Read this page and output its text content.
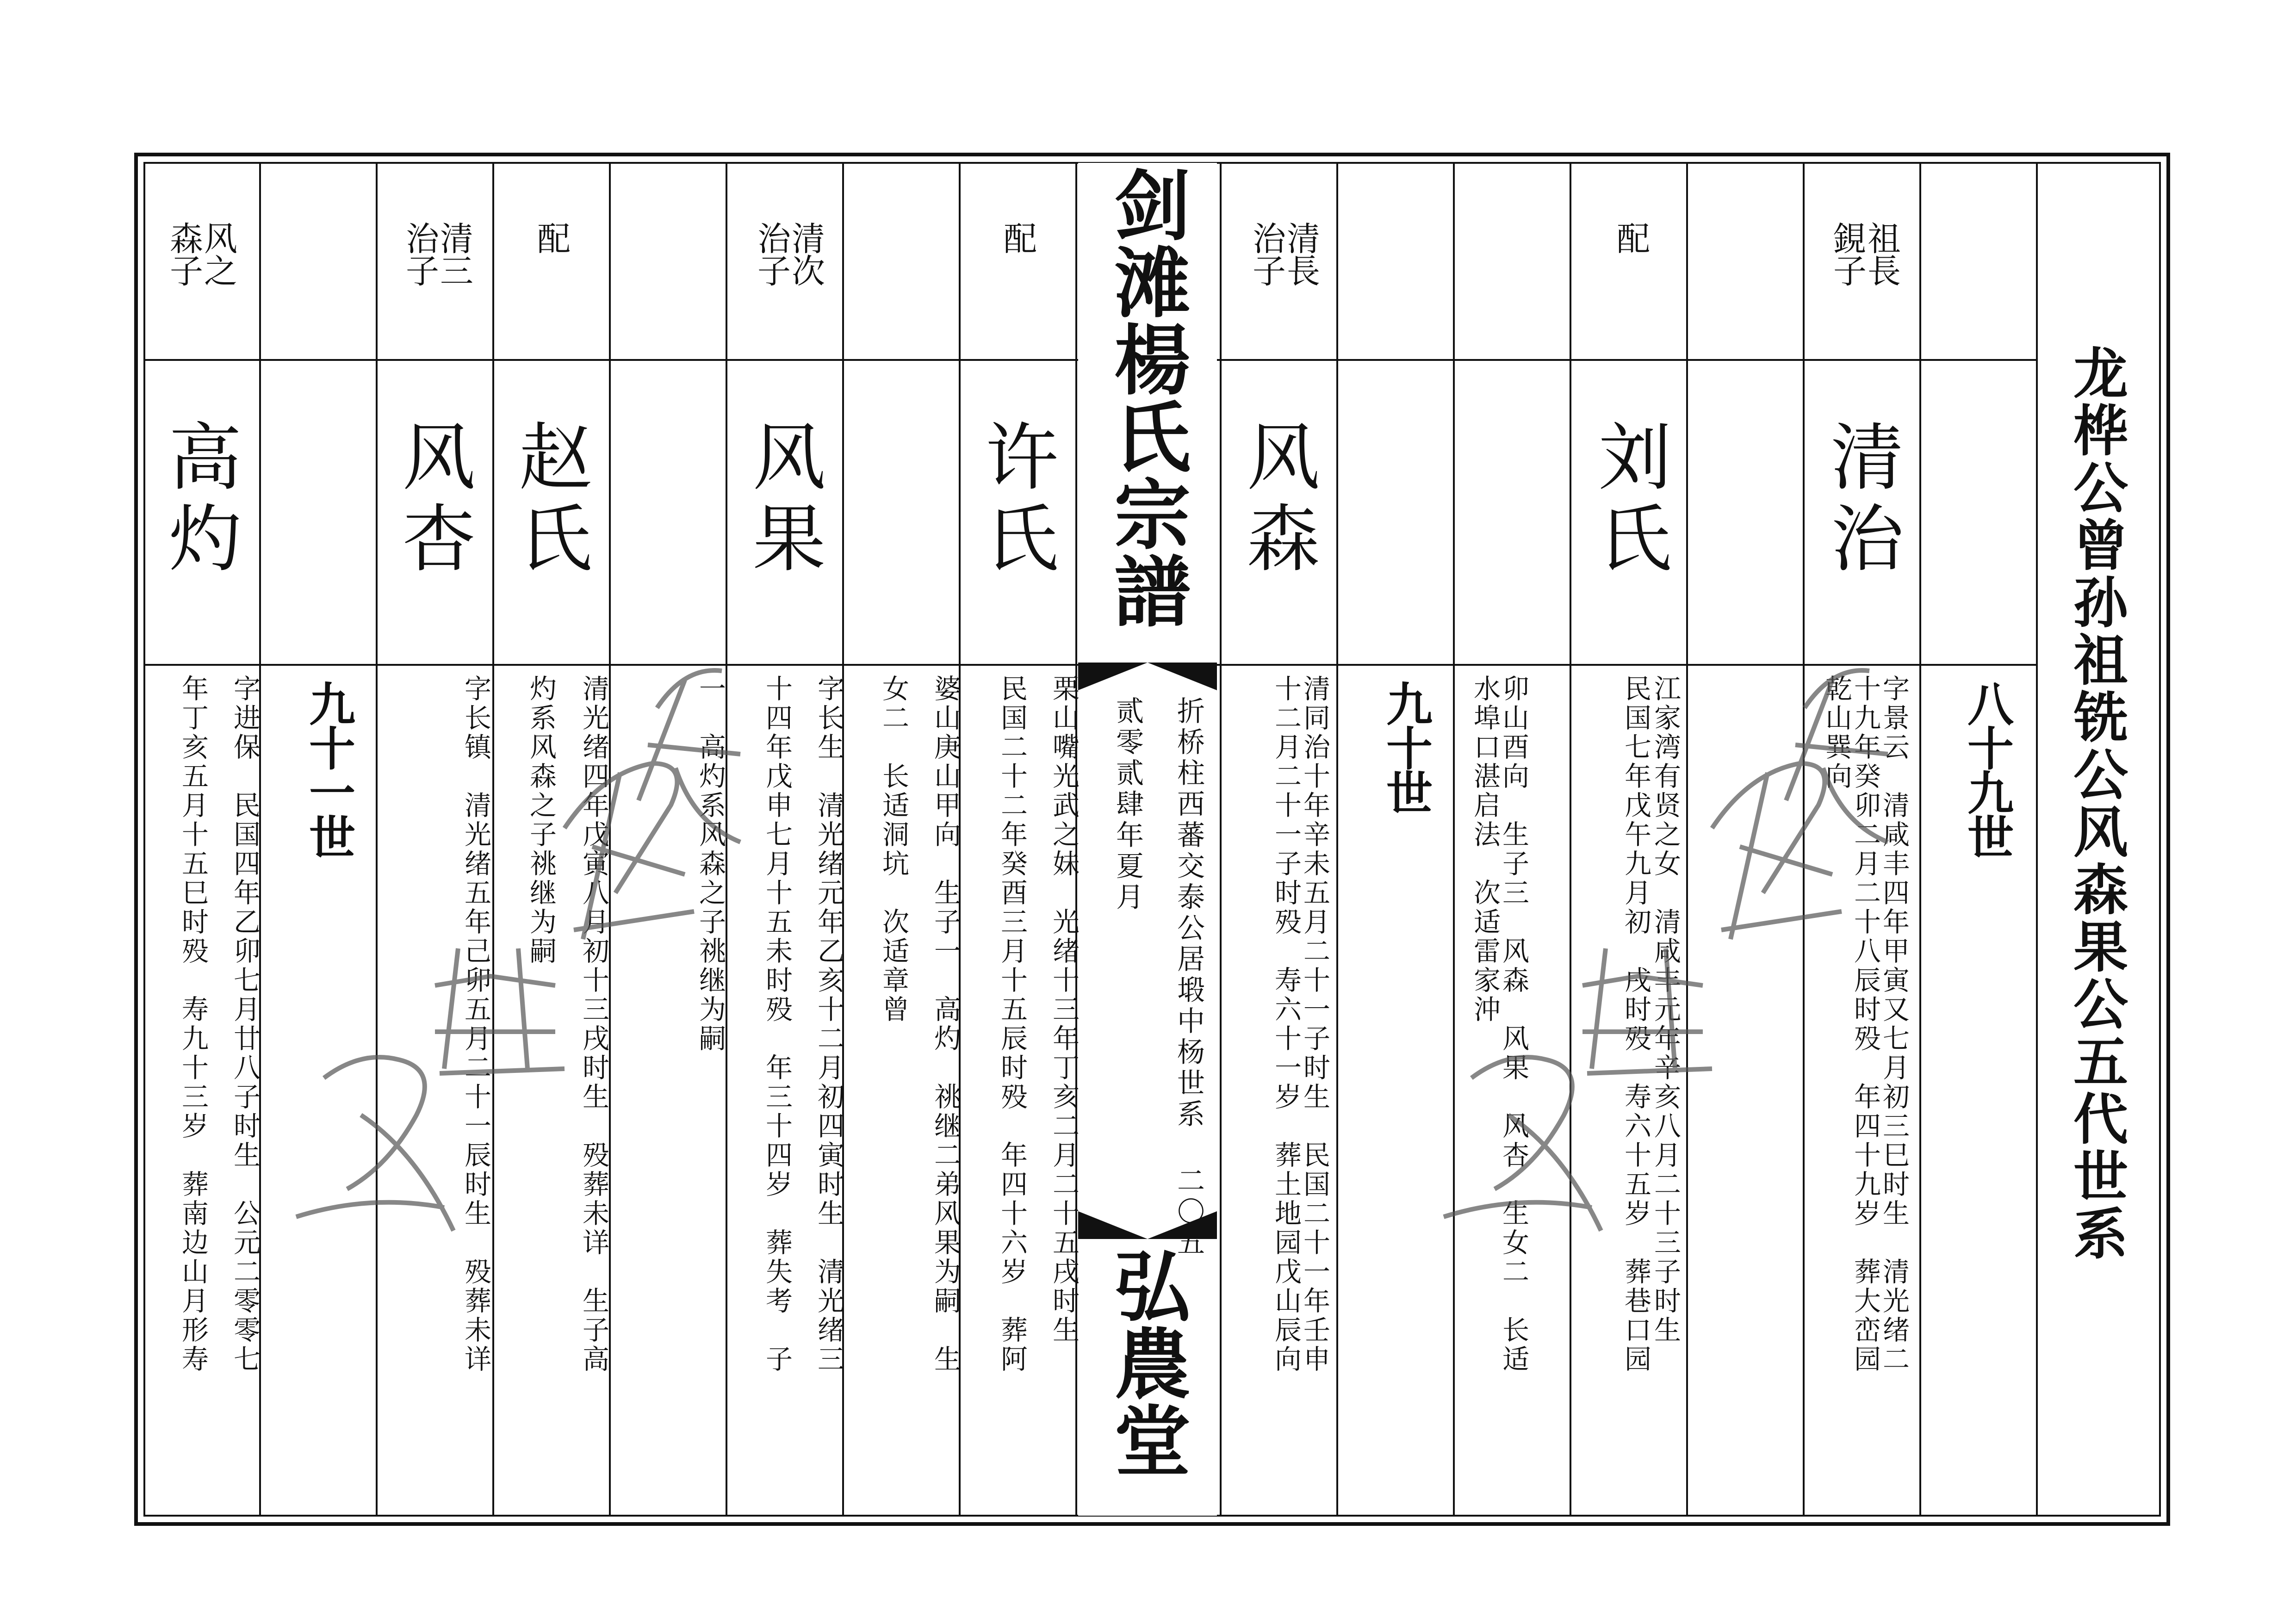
龙桦公曾孙祖铣公风森果公五代世系
八十九世
九十世
九十一世
祖長
鋧子
清治
字景云　清咸丰四年甲寅又七月初三巳时生　清光绪二
十九年癸卯二月二十八辰时殁　年四十九岁　葬大峦园
乾山巽向
配
刘氏
江家湾有贤之女　清咸丰元年辛亥八月二十三子时生
民国七年戊午九月初　戌时殁　寿六十五岁　葬巷口园
卯山酉向　生子三　风森　风果　风杏　生女二　长适
水埠口湛启法　次适雷家沖
清長
治子
风森
清同治十年辛未五月二十一子时生　民国二十一年壬申
十二月二十一子时殁　寿六十一岁　葬土地园戊山辰向
剑滩楊氏宗譜
折桥柱西蕃交泰公居塅中杨世系 二〇五
贰零贰肆年夏月
弘農堂
配
许氏
栗山嘴光武之妹　光绪十三年丁亥二月二十五戌时生
民国二十二年癸酉三月十五辰时殁　年四十六岁　葬阿
婆山庚山甲向　生子一　高灼　祧继二弟风果为嗣　生
女二　长适洞坑　次适章曾
清次
治子
风果
字长生　清光绪元年乙亥十二月初四寅时生　清光绪三
十四年戊申七月十五未时殁　年三十四岁　葬失考　子
一　高灼系风森之子祧继为嗣
配
赵氏
清光绪四年戊寅八月初十三戌时生　殁葬未详　生子高
灼系风森之子祧继为嗣
清三
治子
风杏
字长镇　清光绪五年己卯五月二十一辰时生　殁葬未详
风之
森子
高灼
字进保　民国四年乙卯七月廿八子时生　公元二零零七
年丁亥五月十五巳时殁　寿九十三岁　葬南边山月形寿
